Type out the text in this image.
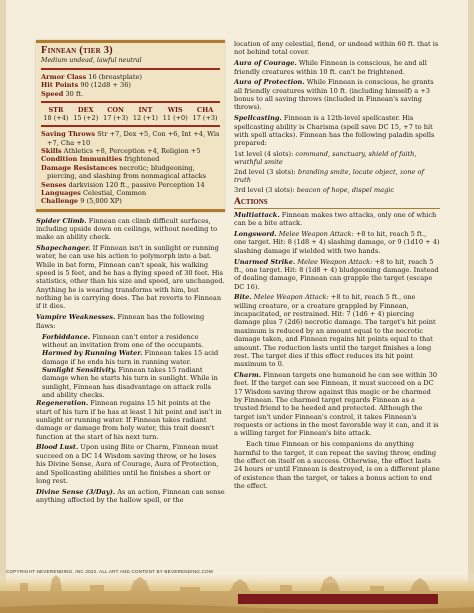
Finnean (tier 3)
Medium undead, lawful neutral
Armor Class 16 (breastplate)
Hit Points 90 (12d8 + 36)
Speed 30 ft.
STR	DEX	CON	INT	WIS	CHA
18 (+4) 15 (+2) 17 (+3) 12 (+1) 11 (+0) 17 (+3)
Saving Throws Str +7, Dex +5, Con +6, Int +4, Wis +7, Cha +10
Skills Athletics +8, Perception +4, Religion +5
Condition Immunities frightened
Damage Resistances necrotic; bludgeoning, piercing, and slashing from nonmagical attacks
Senses darkvision 120 ft., passive Perception 14
Languages Celestial, Common
Challenge 9 (5,000 XP)

Spider Climb. Finnean can climb difficult surfaces, including upside down on ceilings, without needing to make an ability check.

Shapechanger. If Finnean isn't in sunlight or running water, he can use his action to polymorph into a bat. While in bat form, Finnean can't speak, his walking speed is 5 feet, and he has a flying speed of 30 feet. His statistics, other than his size and speed, are unchanged. Anything he is wearing transforms with him, but nothing he is carrying does. The bat reverts to Finnean if it dies.

Vampire Weaknesses. Finnean has the following flaws:

Forbiddance. Finnean can't enter a residence without an invitation from one of the occupants.

Harmed by Running Water. Finnean takes 15 acid damage if he ends his turn in running water.

Sunlight Sensitivity. Finnean takes 15 radiant damage when he starts his turn in sunlight. While in sunlight, Finnean has disadvantage on attack rolls and ability checks.

Regeneration. Finnean regains 15 hit points at the start of his turn if he has at least 1 hit point and isn't in sunlight or running water. If Finnean takes radiant damage or damage from holy water, this trait doesn't function at the start of his next turn.

Blood Lust. Upon using Bite or Charm, Finnean must succeed on a DC 14 Wisdom saving throw, or he loses his Divine Sense, Aura of Courage, Aura of Protection, and Spellcasting abilities until he finishes a short or long rest.

Divine Sense (3/Day). As an action, Finnean can sense anything affected by the hallow spell, or the

location of any celestial, fiend, or undead within 60 ft. that is not behind total cover.

Aura of Courage. While Finnean is conscious, he and all friendly creatures within 10 ft. can't be frightened.

Aura of Protection. While Finnean is conscious, he grants all friendly creatures within 10 ft. (including himself) a +3 bonus to all saving throws (included in Finnean's saving throws).

Spellcasting. Finnean is a 12th-level spellcaster. His spellcasting ability is Charisma (spell save DC 15, +7 to hit with spell attacks). Finnean has the following paladin spells prepared:

1st level (4 slots): command, sanctuary, shield of faith, wrathful smite

2nd level (3 slots): branding smite, locate object, zone of truth

3rd level (3 slots): beacon of hope, dispel magic

Actions

Multiattack. Finnean makes two attacks, only one of which can be a bite attack.

Longsword. Melee Weapon Attack: +8 to hit, reach 5 ft., one target. Hit: 8 (1d8 + 4) slashing damage, or 9 (1d10 + 4) slashing damage if wielded with two hands.

Unarmed Strike. Melee Weapon Attack: +8 to hit, reach 5 ft., one target. Hit: 8 (1d8 + 4) bludgeoning damage. Instead of dealing damage, Finnean can grapple the target (escape DC 16).

Bite. Melee Weapon Attack: +8 to hit, reach 5 ft., one willing creature, or a creature grappled by Finnean, incapacitated, or restrained. Hit: 7 (1d6 + 4) piercing damage plus 7 (2d6) necrotic damage. The target's hit point maximum is reduced by an amount equal to the necrotic damage taken, and Finnean regains hit points equal to that amount. The reduction lasts until the target finishes a long rest. The target dies if this effect reduces its hit point maximum to 0.

Charm. Finnean targets one humanoid he can see within 30 feet. If the target can see Finnean, it must succeed on a DC 17 Wisdom saving throw against this magic or be charmed by Finnean. The charmed target regards Finnean as a trusted friend to be heeded and protected. Although the target isn't under Finnean's control, it takes Finnean's requests or actions in the most favorable way it can, and it is a willing target for Finnean's bite attack.

Each time Finnean or his companions do anything harmful to the target, it can repeat the saving throw, ending the effect on itself on a success. Otherwise, the effect lasts 24 hours or until Finnean is destroyed, is on a different plane of existence than the target, or takes a bonus action to end the effect.

COPYRIGHT NEVERENDING, INC 2022. ALL ART AND CONTENT BY BEVERENDING.COM
ANANSI'S TAPESTRY OF LIVES
